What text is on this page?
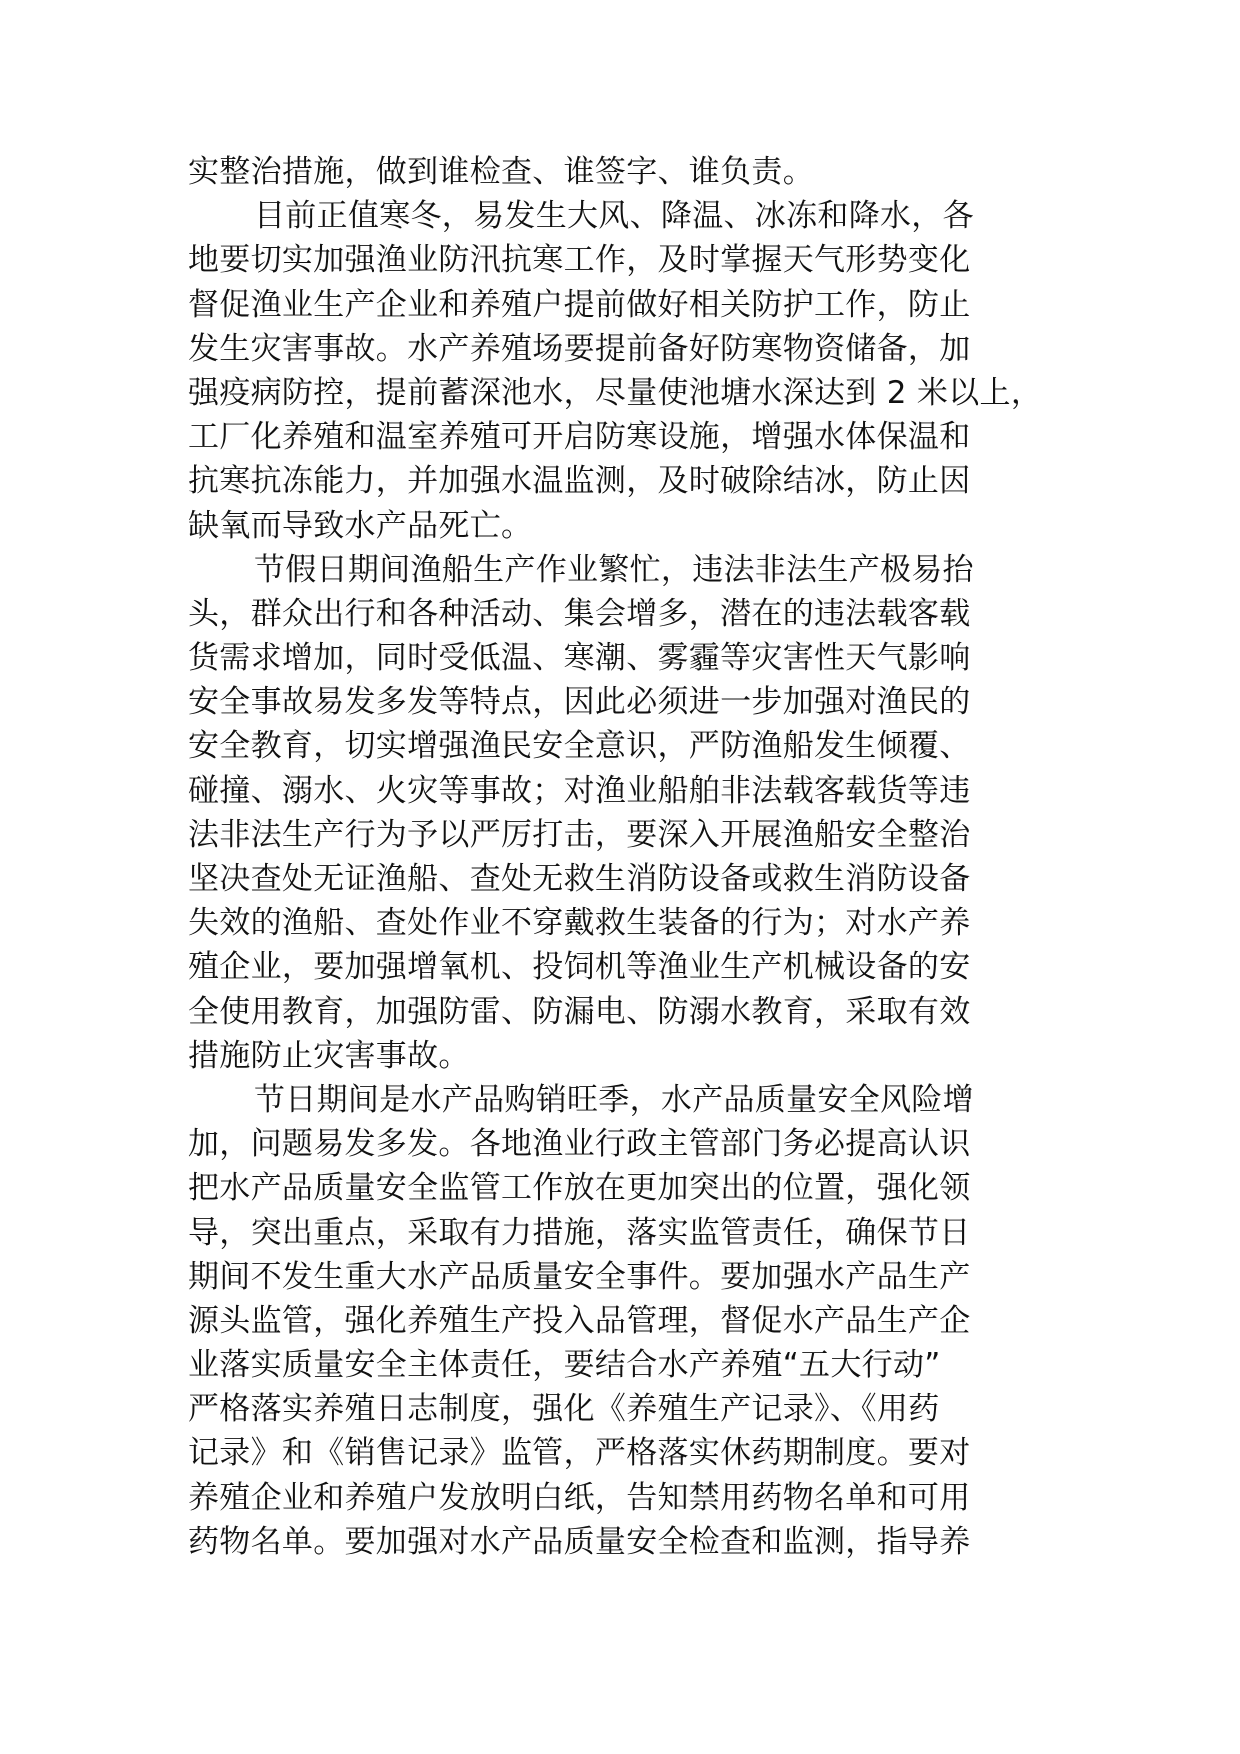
实整治措施，做到谁检查、谁签字、谁负责。
目前正值寒冬，易发生大风、降温、冰冻和降水，各
地要切实加强渔业防汛抗寒工作，及时掌握天气形势变化
督促渔业生产企业和养殖户提前做好相关防护工作，防止
发生灾害事故。水产养殖场要提前备好防寒物资储备，加
强疫病防控，提前蓄深池水，尽量使池塘水深达到 2 米以上，
工厂化养殖和温室养殖可开启防寒设施，增强水体保温和
抗寒抗冻能力，并加强水温监测，及时破除结冰，防止因
缺氧而导致水产品死亡。
节假日期间渔船生产作业繁忙，违法非法生产极易抬
头，群众出行和各种活动、集会增多，潜在的违法载客载
货需求增加，同时受低温、寒潮、雾霾等灾害性天气影响
安全事故易发多发等特点，因此必须进一步加强对渔民的
安全教育，切实增强渔民安全意识，严防渔船发生倾覆、
碰撞、溺水、火灾等事故；对渔业船舶非法载客载货等违
法非法生产行为予以严厉打击，要深入开展渔船安全整治
坚决查处无证渔船、查处无救生消防设备或救生消防设备
失效的渔船、查处作业不穿戴救生装备的行为；对水产养
殖企业，要加强增氧机、投饲机等渔业生产机械设备的安
全使用教育，加强防雷、防漏电、防溺水教育，采取有效
措施防止灾害事故。
节日期间是水产品购销旺季，水产品质量安全风险增
加，问题易发多发。各地渔业行政主管部门务必提高认识
把水产品质量安全监管工作放在更加突出的位置，强化领
导，突出重点，采取有力措施，落实监管责任，确保节日
期间不发生重大水产品质量安全事件。要加强水产品生产
源头监管，强化养殖生产投入品管理，督促水产品生产企
业落实质量安全主体责任，要结合水产养殖“五大行动”
严格落实养殖日志制度，强化《养殖生产记录》、《用药
记录》和《销售记录》监管，严格落实休药期制度。要对
养殖企业和养殖户发放明白纸，告知禁用药物名单和可用
药物名单。要加强对水产品质量安全检查和监测，指导养
